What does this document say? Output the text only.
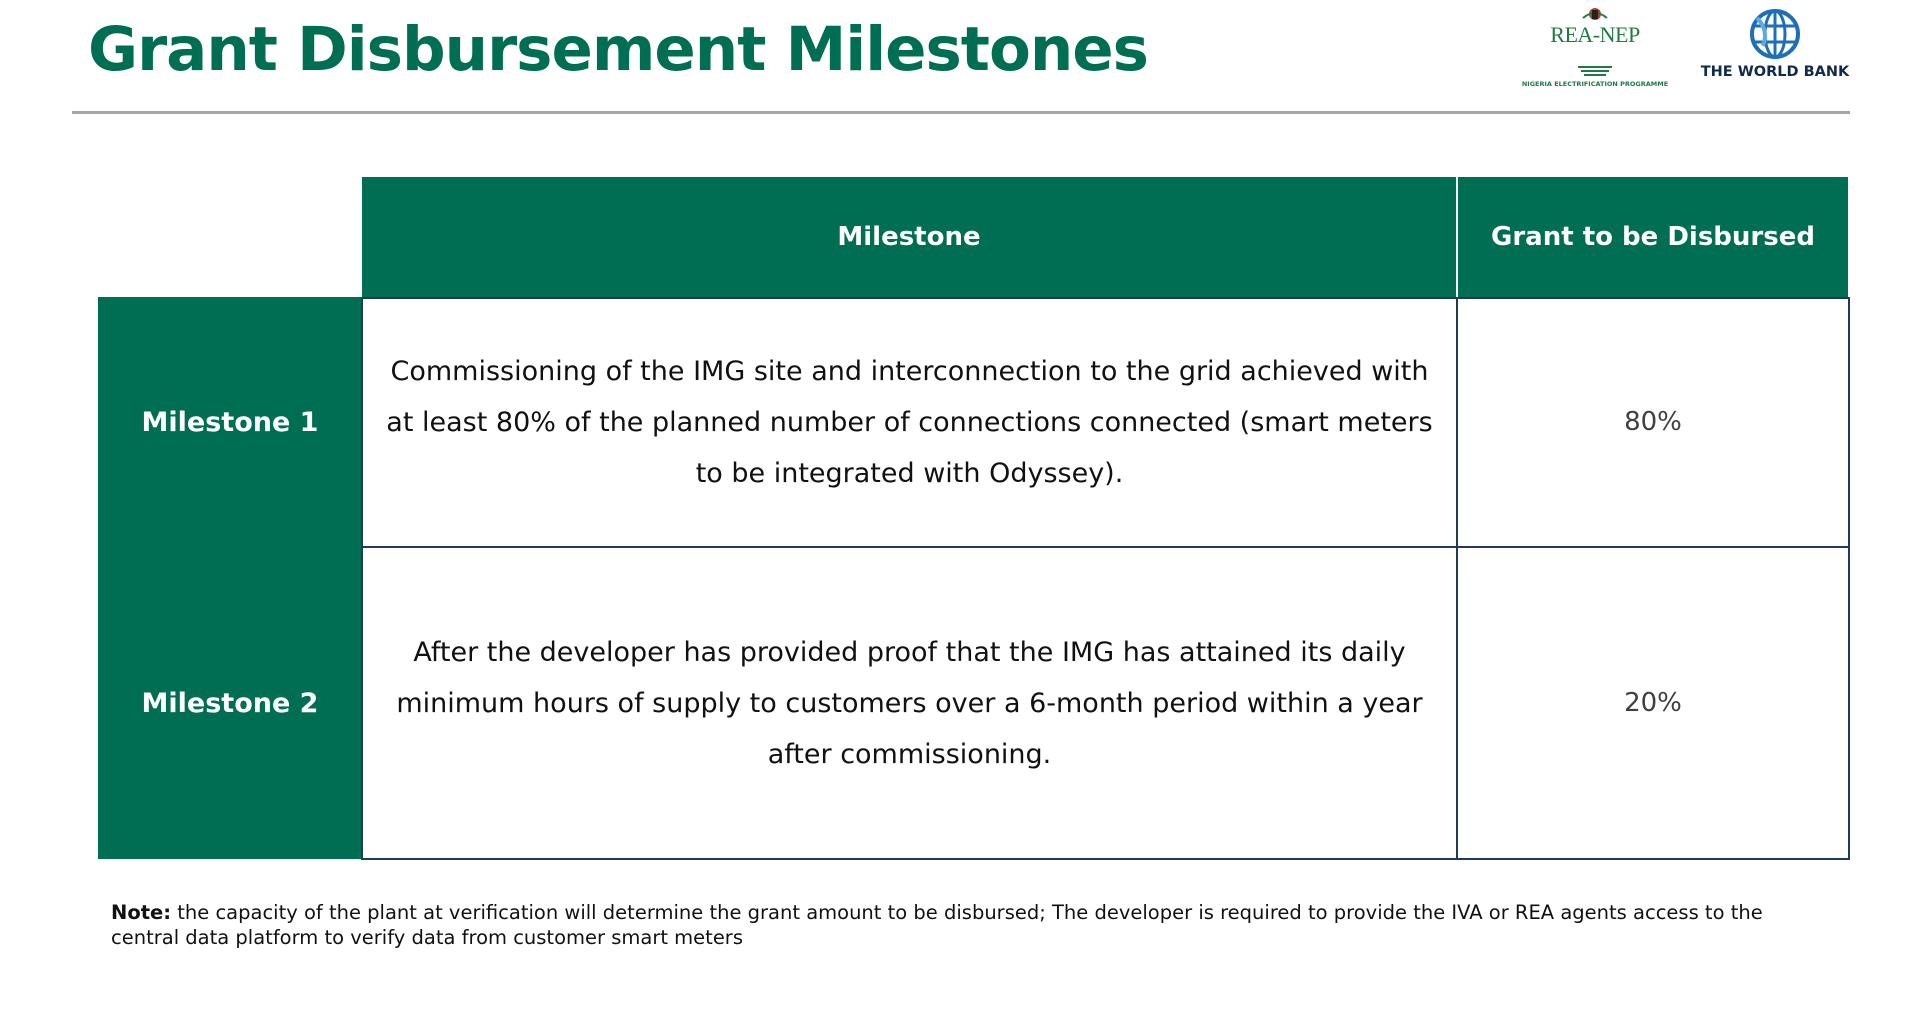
Grant Disbursement Milestones	REA-NEP
NIGERIA ELECTRIFICATION PROGRAMME
THE WORLD BANK
Milestone	Grant to be Disbursed
Milestone 1
Commissioning of the IMG site and interconnection to the grid achieved with at least 80% of the planned number of connections connected (smart meters to be integrated with Odyssey).
80%
Milestone 2
After the developer has provided proof that the IMG has attained its daily minimum hours of supply to customers over a 6-month period within a year after commissioning.
20%
Note: the capacity of the plant at verification will determine the grant amount to be disbursed; The developer is required to provide the IVA or REA agents access to the central data platform to verify data from customer smart meters
